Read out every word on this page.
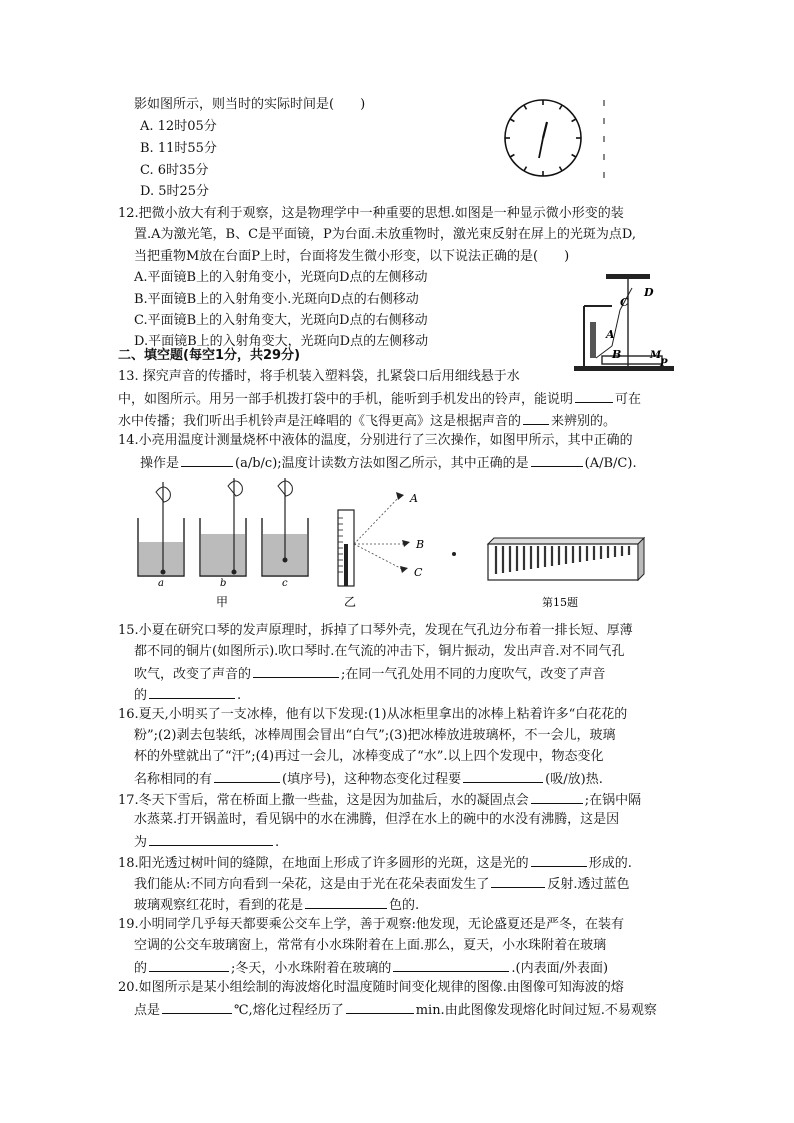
影如图所示，则当时的实际时间是(　　)
A. 12时05分
B. 11时55分
C. 6时35分
D. 5时25分
12.把微小放大有利于观察，这是物理学中一种重要的思想.如图是一种显示微小形变的装
置.A为激光笔，B、C是平面镜，P为台面.未放重物时，激光束反射在屏上的光斑为点D,
当把重物M放在台面P上时，台面将发生微小形变，以下说法正确的是(　　)
A.平面镜B上的入射角变小，光斑向D点的左侧移动
B.平面镜B上的入射角变小.光斑向D点的右侧移动
C.平面镜B上的入射角变大，光斑向D点的右侧移动
D.平面镜B上的入射角变大，光斑向D点的左侧移动
C
D
A
B	M
P
二、填空题(每空1分，共29分)
13. 探究声音的传播时，将手机装入塑料袋，扎紧袋口后用细线悬于水
中，如图所示。用另一部手机拨打袋中的手机，能听到手机发出的铃声，能说明	可在
水中传播；我们听出手机铃声是汪峰唱的《飞得更高》这是根据声音的 来辨别的。
14.小亮用温度计测量烧杯中液体的温度，分别进行了三次操作，如图甲所示，其中正确的
操作是	(a/b/c);温度计读数方法如图乙所示，其中正确的是	(A/B/C).
a	b	c
甲
A
B
C
乙	第15题
15.小夏在研究口琴的发声原理时，拆掉了口琴外壳，发现在气孔边分布着一排长短、厚薄
都不同的铜片(如图所示).吹口琴时.在气流的冲击下，铜片振动，发出声音.对不同气孔
吹气，改变了声音的	;在同一气孔处用不同的力度吹气，改变了声音
的	.
16.夏天,小明买了一支冰棒，他有以下发现:(1)从冰柜里拿出的冰棒上粘着许多“白花花的
粉”;(2)剥去包装纸，冰棒周围会冒出“白气”;(3)把冰棒放进玻璃杯，不一会儿，玻璃
杯的外壁就出了“汗”;(4)再过一会儿，冰棒变成了“水”.以上四个发现中，物态变化
名称相同的有	(填序号)，这种物态变化过程要	(吸/放)热.
17.冬天下雪后，常在桥面上撒一些盐，这是因为加盐后，水的凝固点会	;在锅中隔
水蒸菜.打开锅盖时，看见锅中的水在沸腾，但浮在水上的碗中的水没有沸腾，这是因
为	.
18.阳光透过树叶间的缝隙，在地面上形成了许多圆形的光斑，这是光的	形成的.
我们能从:不同方向看到一朵花，这是由于光在花朵表面发生了	反射.透过蓝色
玻璃观察红花时，看到的花是	色的.
19.小明同学几乎每天都要乘公交车上学，善于观察:他发现，无论盛夏还是严冬，在装有
空调的公交车玻璃窗上，常常有小水珠附着在上面.那么，夏天，小水珠附着在玻璃
的	;冬天，小水珠附着在玻璃的	.(内表面/外表面)
20.如图所示是某小组绘制的海波熔化时温度随时间变化规律的图像.由图像可知海波的熔
点是	℃,熔化过程经历了	min.由此图像发现熔化时间过短.不易观察
